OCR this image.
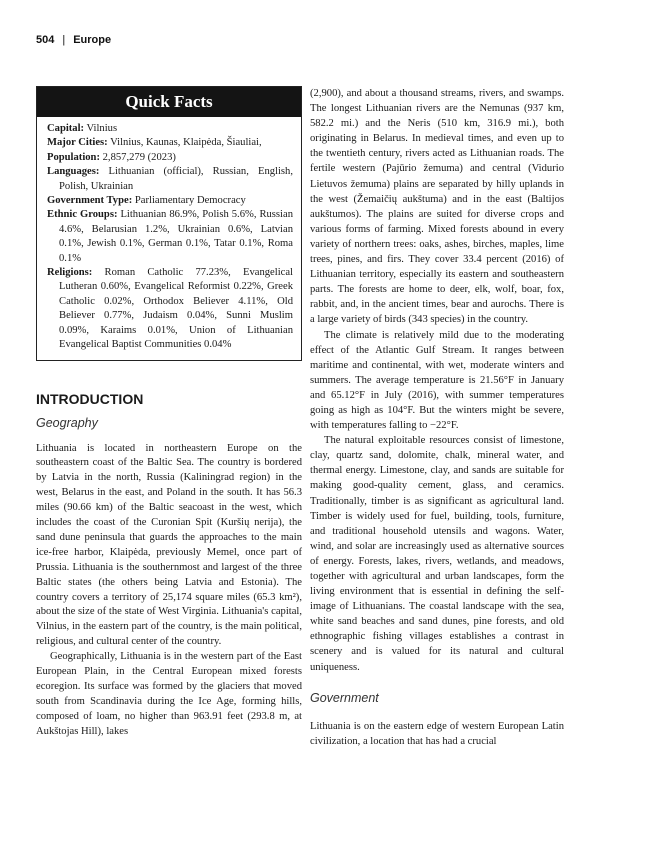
504 | Europe
Quick Facts
Capital: Vilnius
Major Cities: Vilnius, Kaunas, Klaipėda, Šiauliai,
Population: 2,857,279 (2023)
Languages: Lithuanian (official), Russian, English, Polish, Ukrainian
Government Type: Parliamentary Democracy
Ethnic Groups: Lithuanian 86.9%, Polish 5.6%, Russian 4.6%, Belarusian 1.2%, Ukrainian 0.6%, Latvian 0.1%, Jewish 0.1%, German 0.1%, Tatar 0.1%, Roma 0.1%
Religions: Roman Catholic 77.23%, Evangelical Lutheran 0.60%, Evangelical Reformist 0.22%, Greek Catholic 0.02%, Orthodox Believer 4.11%, Old Believer 0.77%, Judaism 0.04%, Sunni Muslim 0.09%, Karaims 0.01%, Union of Lithuanian Evangelical Baptist Communities 0.04%
INTRODUCTION
Geography

Lithuania is located in northeastern Europe on the southeastern coast of the Baltic Sea. The country is bordered by Latvia in the north, Russia (Kaliningrad region) in the west, Belarus in the east, and Poland in the south. It has 56.3 miles (90.66 km) of the Baltic seacoast in the west, which includes the coast of the Curonian Spit (Kuršių nerija), the sand dune peninsula that guards the approaches to the main ice-free harbor, Klaipėda, previously Memel, once part of Prussia. Lithuania is the southernmost and largest of the three Baltic states (the others being Latvia and Estonia). The country covers a territory of 25,174 square miles (65.3 km²), about the size of the state of West Virginia. Lithuania's capital, Vilnius, in the eastern part of the country, is the main political, religious, and cultural center of the country.

Geographically, Lithuania is in the western part of the East European Plain, in the Central European mixed forests ecoregion. Its surface was formed by the glaciers that moved south from Scandinavia during the Ice Age, forming hills, composed of loam, no higher than 963.91 feet (293.8 m, at Aukštojas Hill), lakes

(2,900), and about a thousand streams, rivers, and swamps. The longest Lithuanian rivers are the Nemunas (937 km, 582.2 mi.) and the Neris (510 km, 316.9 mi.), both originating in Belarus. In medieval times, and even up to the twentieth century, rivers acted as Lithuanian roads. The fertile western (Pajūrio žemuma) and central (Vidurio Lietuvos žemuma) plains are separated by hilly uplands in the west (Žemaičių aukštuma) and in the east (Baltijos aukštumos). The plains are suited for diverse crops and various forms of farming. Mixed forests abound in every variety of northern trees: oaks, ashes, birches, maples, lime trees, pines, and firs. They cover 33.4 percent (2016) of Lithuanian territory, especially its eastern and southeastern parts. The forests are home to deer, elk, wolf, boar, fox, rabbit, and, in the ancient times, bear and aurochs. There is a large variety of birds (343 species) in the country.

The climate is relatively mild due to the moderating effect of the Atlantic Gulf Stream. It ranges between maritime and continental, with wet, moderate winters and summers. The average temperature is 21.56°F in January and 65.12°F in July (2016), with summer temperatures going as high as 104°F. But the winters might be severe, with temperatures falling to −22°F.

The natural exploitable resources consist of limestone, clay, quartz sand, dolomite, chalk, mineral water, and thermal energy. Limestone, clay, and sands are suitable for making good-quality cement, glass, and ceramics. Traditionally, timber is as significant as agricultural land. Timber is widely used for fuel, building, tools, furniture, and traditional household utensils and wagons. Water, wind, and solar are increasingly used as alternative sources of energy. Forests, lakes, rivers, wetlands, and meadows, together with agricultural and urban landscapes, form the living environment that is essential in defining the self-image of Lithuanians. The coastal landscape with the sea, white sand beaches and sand dunes, pine forests, and old ethnographic fishing villages establishes a contrast in scenery and is valued for its natural and cultural uniqueness.

Government

Lithuania is on the eastern edge of western European Latin civilization, a location that has had a crucial
